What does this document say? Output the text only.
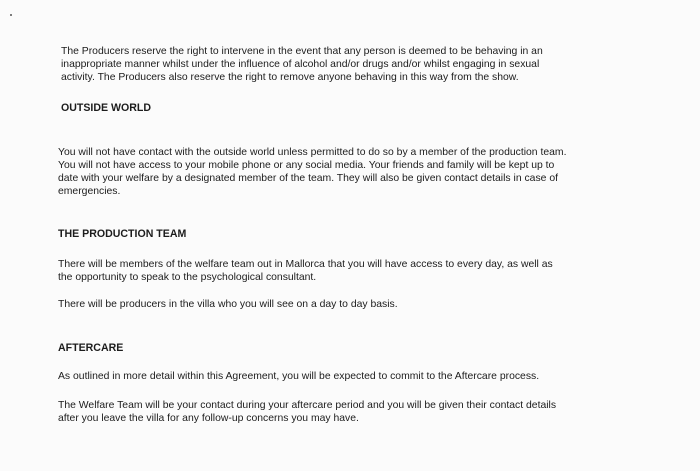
The Producers reserve the right to intervene in the event that any person is deemed to be behaving in an
inappropriate manner whilst under the influence of alcohol and/or drugs and/or whilst engaging in sexual
activity. The Producers also reserve the right to remove anyone behaving in this way from the show.
OUTSIDE WORLD
You will not have contact with the outside world unless permitted to do so by a member of the production team.
You will not have access to your mobile phone or any social media. Your friends and family will be kept up to
date with your welfare by a designated member of the team. They will also be given contact details in case of
emergencies.
THE PRODUCTION TEAM
There will be members of the welfare team out in Mallorca that you will have access to every day, as well as
the opportunity to speak to the psychological consultant.
There will be producers in the villa who you will see on a day to day basis.
AFTERCARE
As outlined in more detail within this Agreement, you will be expected to commit to the Aftercare process.
The Welfare Team will be your contact during your aftercare period and you will be given their contact details
after you leave the villa for any follow-up concerns you may have.
